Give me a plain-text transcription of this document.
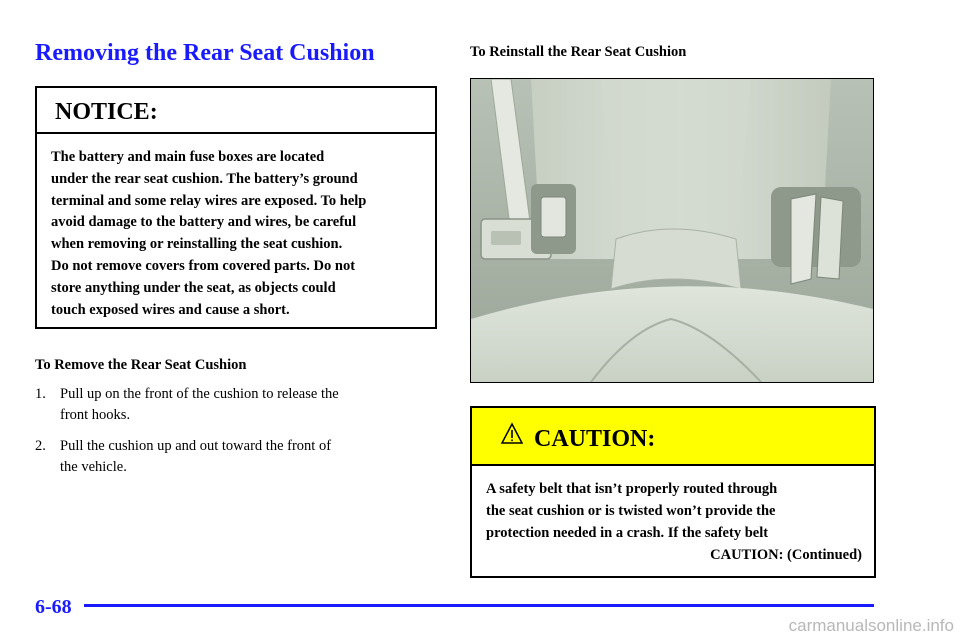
Removing the Rear Seat Cushion
NOTICE:
The battery and main fuse boxes are located
under the rear seat cushion. The battery’s ground
terminal and some relay wires are exposed. To help
avoid damage to the battery and wires, be careful
when removing or reinstalling the seat cushion.
Do not remove covers from covered parts. Do not
store anything under the seat, as objects could
touch exposed wires and cause a short.
To Remove the Rear Seat Cushion
1. Pull up on the front of the cushion to release the
front hooks.
2. Pull the cushion up and out toward the front of
the vehicle.
To Reinstall the Rear Seat Cushion
CAUTION:
A safety belt that isn’t properly routed through
the seat cushion or is twisted won’t provide the
protection needed in a crash. If the safety belt
CAUTION: (Continued)
6-68
carmanualsonline.info
